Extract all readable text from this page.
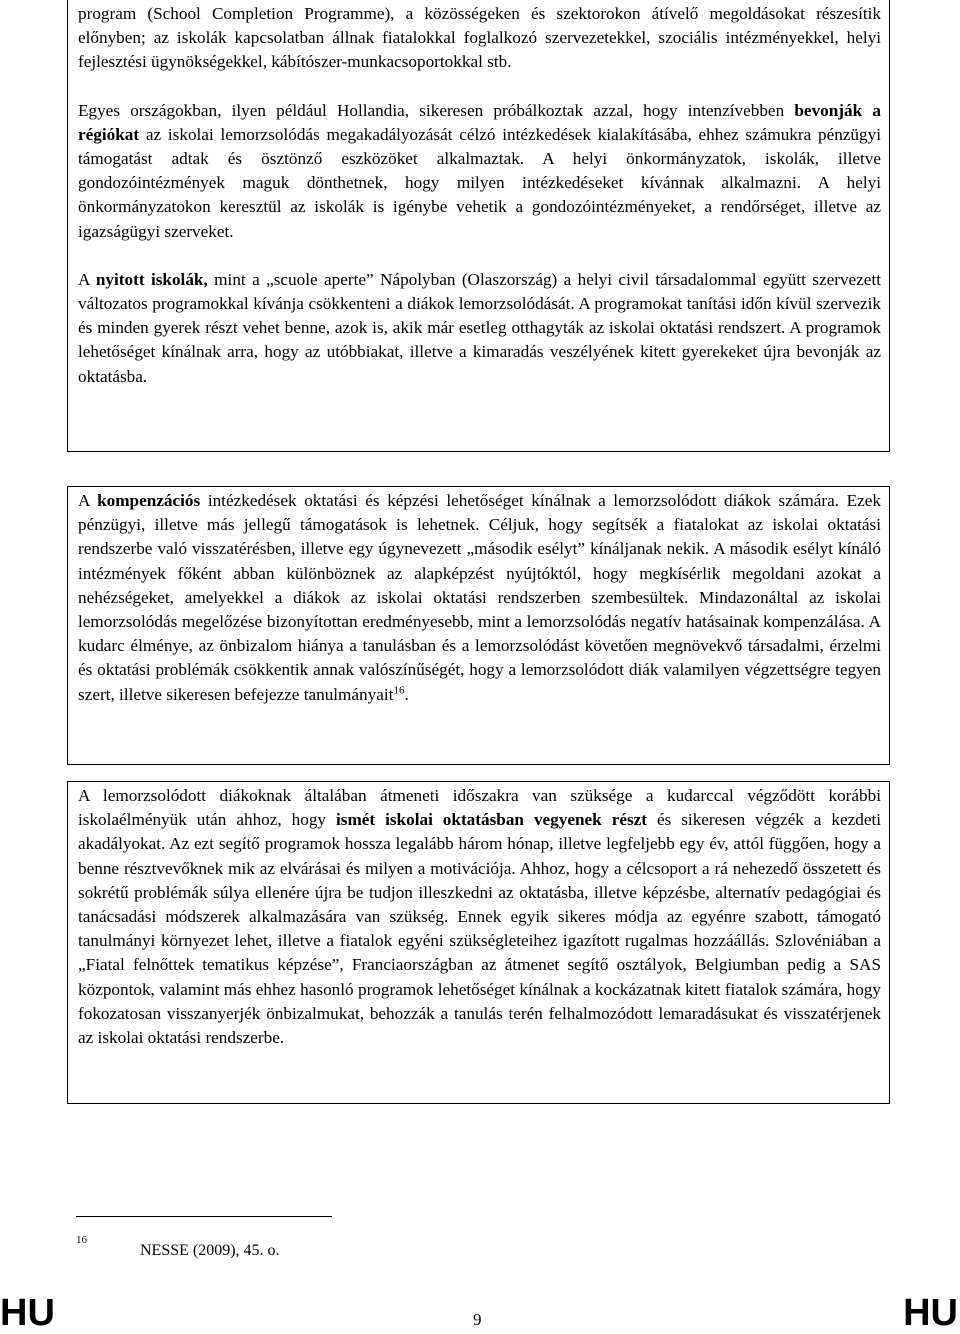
program (School Completion Programme), a közösségeken és szektorokon átívelő megoldásokat részesítik előnyben; az iskolák kapcsolatban állnak fiatalokkal foglalkozó szervezetekkel, szociális intézményekkel, helyi fejlesztési ügynökségekkel, kábítószer-munkacsoportokkal stb.

Egyes országokban, ilyen például Hollandia, sikeresen próbálkoztak azzal, hogy intenzívebben bevonják a régiókat az iskolai lemorzsolódás megakadályozását célzó intézkedések kialakításába, ehhez számukra pénzügyi támogatást adtak és ösztönző eszközöket alkalmaztak. A helyi önkormányzatok, iskolák, illetve gondozóintézmények maguk dönthetnek, hogy milyen intézkedéseket kívánnak alkalmazni. A helyi önkormányzatokon keresztül az iskolák is igénybe vehetik a gondozóintézményeket, a rendőrséget, illetve az igazságügyi szerveket.

A nyitott iskolák, mint a „scuole aperte” Nápolyban (Olaszország) a helyi civil társadalommal együtt szervezett változatos programokkal kívánja csökkenteni a diákok lemorzsolódását. A programokat tanítási időn kívül szervezik és minden gyerek részt vehet benne, azok is, akik már esetleg otthagyták az iskolai oktatási rendszert. A programok lehetőséget kínálnak arra, hogy az utóbbiakat, illetve a kimaradás veszélyének kitett gyerekeket újra bevonják az oktatásba.

A kompenzációs intézkedések oktatási és képzési lehetőséget kínálnak a lemorzsolódott diákok számára. Ezek pénzügyi, illetve más jellegű támogatások is lehetnek. Céljuk, hogy segítsék a fiatalokat az iskolai oktatási rendszerbe való visszatérésben, illetve egy úgynevezett „második esélyt” kínáljanak nekik. A második esélyt kínáló intézmények főként abban különböznek az alapképzést nyújtóktól, hogy megkísérlik megoldani azokat a nehézségeket, amelyekkel a diákok az iskolai oktatási rendszerben szembesültek. Mindazonáltal az iskolai lemorzsolódás megelőzése bizonyítottan eredményesebb, mint a lemorzsolódás negatív hatásainak kompenzálása. A kudarc élménye, az önbizalom hiánya a tanulásban és a lemorzsolódást követően megnövekvő társadalmi, érzelmi és oktatási problémák csökkentik annak valószínűségét, hogy a lemorzsolódott diák valamilyen végzettségre tegyen szert, illetve sikeresen befejezze tanulmányait$^{16}$.

A lemorzsolódott diákoknak általában átmeneti időszakra van szüksége a kudarccal végződött korábbi iskolaélményük után ahhoz, hogy ismét iskolai oktatásban vegyenek részt és sikeresen végzék a kezdeti akadályokat. Az ezt segítő programok hossza legalább három hónap, illetve legfeljebb egy év, attól függően, hogy a benne résztvevőknek mik az elvárásai és milyen a motivációja. Ahhoz, hogy a célcsoport a rá nehezedő összetett és sokrétű problémák súlya ellenére újra be tudjon illeszkedni az oktatásba, illetve képzésbe, alternatív pedagógiai és tanácsadási módszerek alkalmazására van szükség. Ennek egyik sikeres módja az egyénre szabott, támogató tanulmányi környezet lehet, illetve a fiatalok egyéni szükségleteihez igazított rugalmas hozzáállás. Szlovéniában a „Fiatal felnőttek tematikus képzése”, Franciaországban az átmenet segítő osztályok, Belgiumban pedig a SAS központok, valamint más ehhez hasonló programok lehetőséget kínálnak a kockázatnak kitett fiatalok számára, hogy fokozatosan visszanyerjék önbizalmukat, behozzák a tanulás terén felhalmozódott lemaradásukat és visszatérjenek az iskolai oktatási rendszerbe.

16
NESSE (2009), 45. o.
HU	9	HU
